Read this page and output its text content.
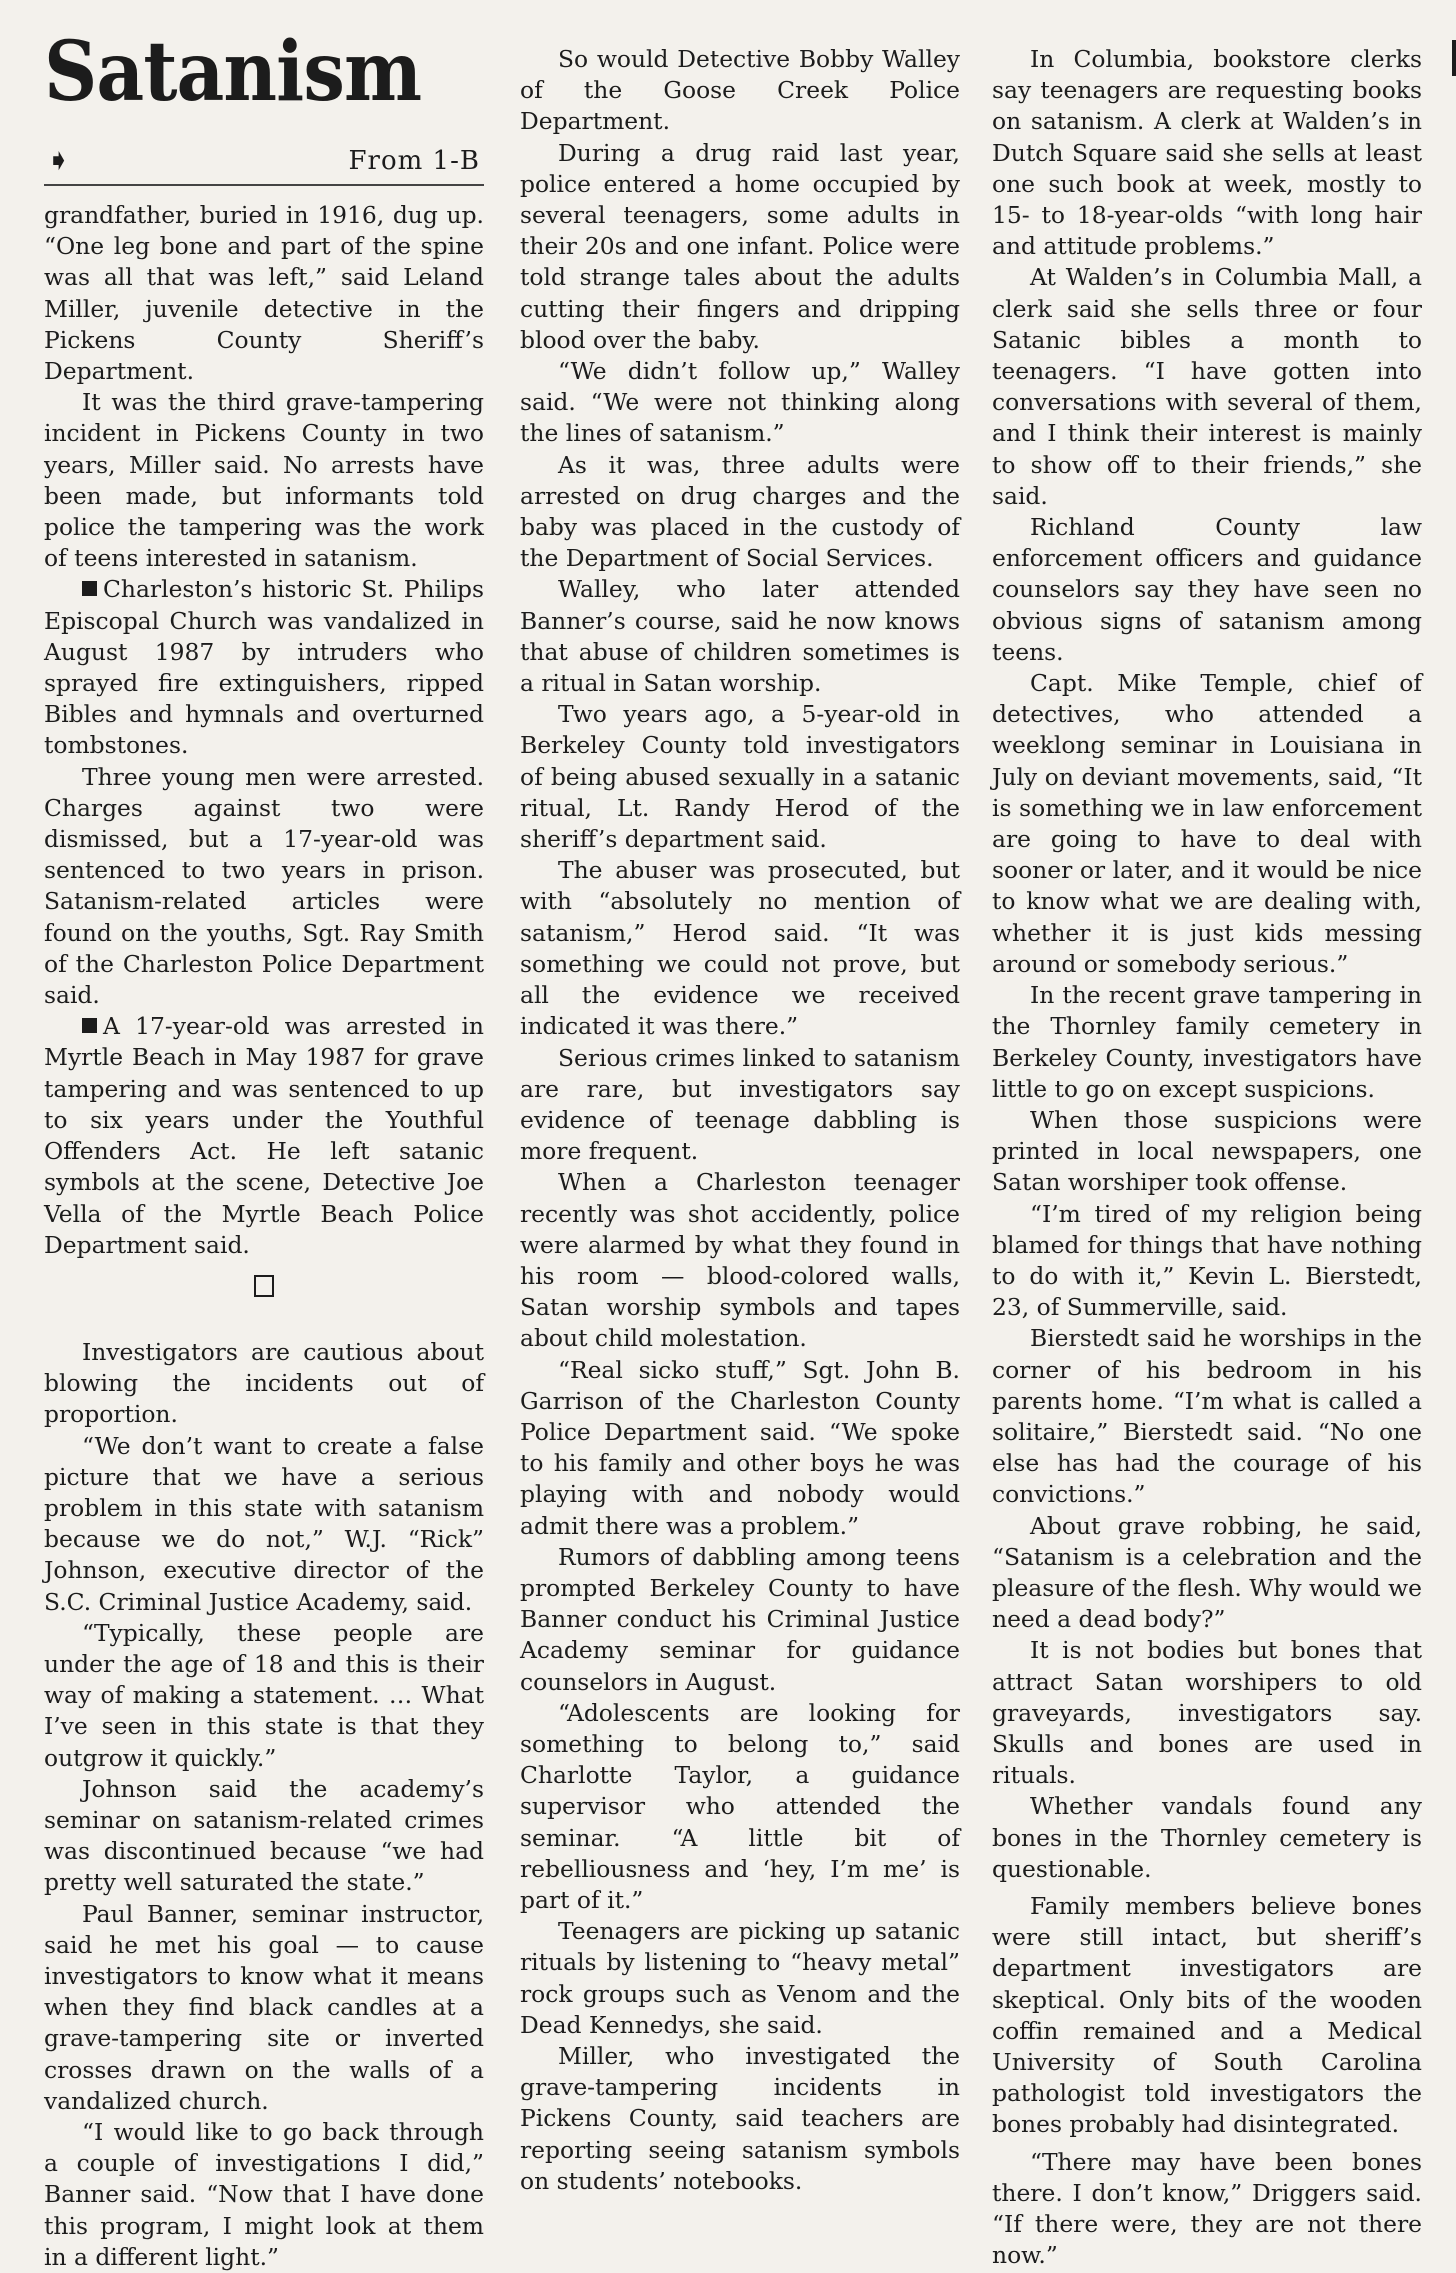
Satanism
➧	From 1-B

grandfather, buried in 1916, dug up. “One leg bone and part of the spine was all that was left,” said Leland Miller, juvenile detective in the Pickens County Sheriff’s Department.

It was the third grave-tampering incident in Pickens County in two years, Miller said. No arrests have been made, but informants told police the tampering was the work of teens interested in satanism.

Charleston’s historic St. Philips Episcopal Church was vandalized in August 1987 by intruders who sprayed fire extinguishers, ripped Bibles and hymnals and overturned tombstones.

Three young men were arrested. Charges against two were dismissed, but a 17-year-old was sentenced to two years in prison. Satanism-related articles were found on the youths, Sgt. Ray Smith of the Charleston Police Department said.

A 17-year-old was arrested in Myrtle Beach in May 1987 for grave tampering and was sentenced to up to six years under the Youthful Offenders Act. He left satanic symbols at the scene, Detective Joe Vella of the Myrtle Beach Police Department said.

Investigators are cautious about blowing the incidents out of proportion.

“We don’t want to create a false picture that we have a serious problem in this state with satanism because we do not,” W.J. “Rick” Johnson, executive director of the S.C. Criminal Justice Academy, said.

“Typically, these people are under the age of 18 and this is their way of making a statement. … What I’ve seen in this state is that they outgrow it quickly.”

Johnson said the academy’s seminar on satanism-related crimes was discontinued because “we had pretty well saturated the state.”

Paul Banner, seminar instructor, said he met his goal — to cause investigators to know what it means when they find black candles at a grave-tampering site or inverted crosses drawn on the walls of a vandalized church.

“I would like to go back through a couple of investigations I did,” Banner said. “Now that I have done this program, I might look at them in a different light.”

So would Detective Bobby Walley of the Goose Creek Police Department.

During a drug raid last year, police entered a home occupied by several teenagers, some adults in their 20s and one infant. Police were told strange tales about the adults cutting their fingers and dripping blood over the baby.

“We didn’t follow up,” Walley said. “We were not thinking along the lines of satanism.”

As it was, three adults were arrested on drug charges and the baby was placed in the custody of the Department of Social Services.

Walley, who later attended Banner’s course, said he now knows that abuse of children sometimes is a ritual in Satan worship.

Two years ago, a 5-year-old in Berkeley County told investigators of being abused sexually in a satanic ritual, Lt. Randy Herod of the sheriff’s department said.

The abuser was prosecuted, but with “absolutely no mention of satanism,” Herod said. “It was something we could not prove, but all the evidence we received indicated it was there.”

Serious crimes linked to satanism are rare, but investigators say evidence of teenage dabbling is more frequent.

When a Charleston teenager recently was shot accidently, police were alarmed by what they found in his room — blood-colored walls, Satan worship symbols and tapes about child molestation.

“Real sicko stuff,” Sgt. John B. Garrison of the Charleston County Police Department said. “We spoke to his family and other boys he was playing with and nobody would admit there was a problem.”

Rumors of dabbling among teens prompted Berkeley County to have Banner conduct his Criminal Justice Academy seminar for guidance counselors in August.

“Adolescents are looking for something to belong to,” said Charlotte Taylor, a guidance supervisor who attended the seminar. “A little bit of rebelliousness and ‘hey, I’m me’ is part of it.”

Teenagers are picking up satanic rituals by listening to “heavy metal” rock groups such as Venom and the Dead Kennedys, she said.

Miller, who investigated the grave-tampering incidents in Pickens County, said teachers are reporting seeing satanism symbols on students’ notebooks.

In Columbia, bookstore clerks say teenagers are requesting books on satanism. A clerk at Walden’s in Dutch Square said she sells at least one such book at week, mostly to 15- to 18-year-olds “with long hair and attitude problems.”

At Walden’s in Columbia Mall, a clerk said she sells three or four Satanic bibles a month to teenagers. “I have gotten into conversations with several of them, and I think their interest is mainly to show off to their friends,” she said.

Richland County law enforcement officers and guidance counselors say they have seen no obvious signs of satanism among teens.

Capt. Mike Temple, chief of detectives, who attended a weeklong seminar in Louisiana in July on deviant movements, said, “It is something we in law enforcement are going to have to deal with sooner or later, and it would be nice to know what we are dealing with, whether it is just kids messing around or somebody serious.”

In the recent grave tampering in the Thornley family cemetery in Berkeley County, investigators have little to go on except suspicions.

When those suspicions were printed in local newspapers, one Satan worshiper took offense.

“I’m tired of my religion being blamed for things that have nothing to do with it,” Kevin L. Bierstedt, 23, of Summerville, said.

Bierstedt said he worships in the corner of his bedroom in his parents home. “I’m what is called a solitaire,” Bierstedt said. “No one else has had the courage of his convictions.”

About grave robbing, he said, “Satanism is a celebration and the pleasure of the flesh. Why would we need a dead body?”

It is not bodies but bones that attract Satan worshipers to old graveyards, investigators say. Skulls and bones are used in rituals.

Whether vandals found any bones in the Thornley cemetery is questionable.

Family members believe bones were still intact, but sheriff’s department investigators are skeptical. Only bits of the wooden coffin remained and a Medical University of South Carolina pathologist told investigators the bones probably had disintegrated.

“There may have been bones there. I don’t know,” Driggers said. “If there were, they are not there now.”
